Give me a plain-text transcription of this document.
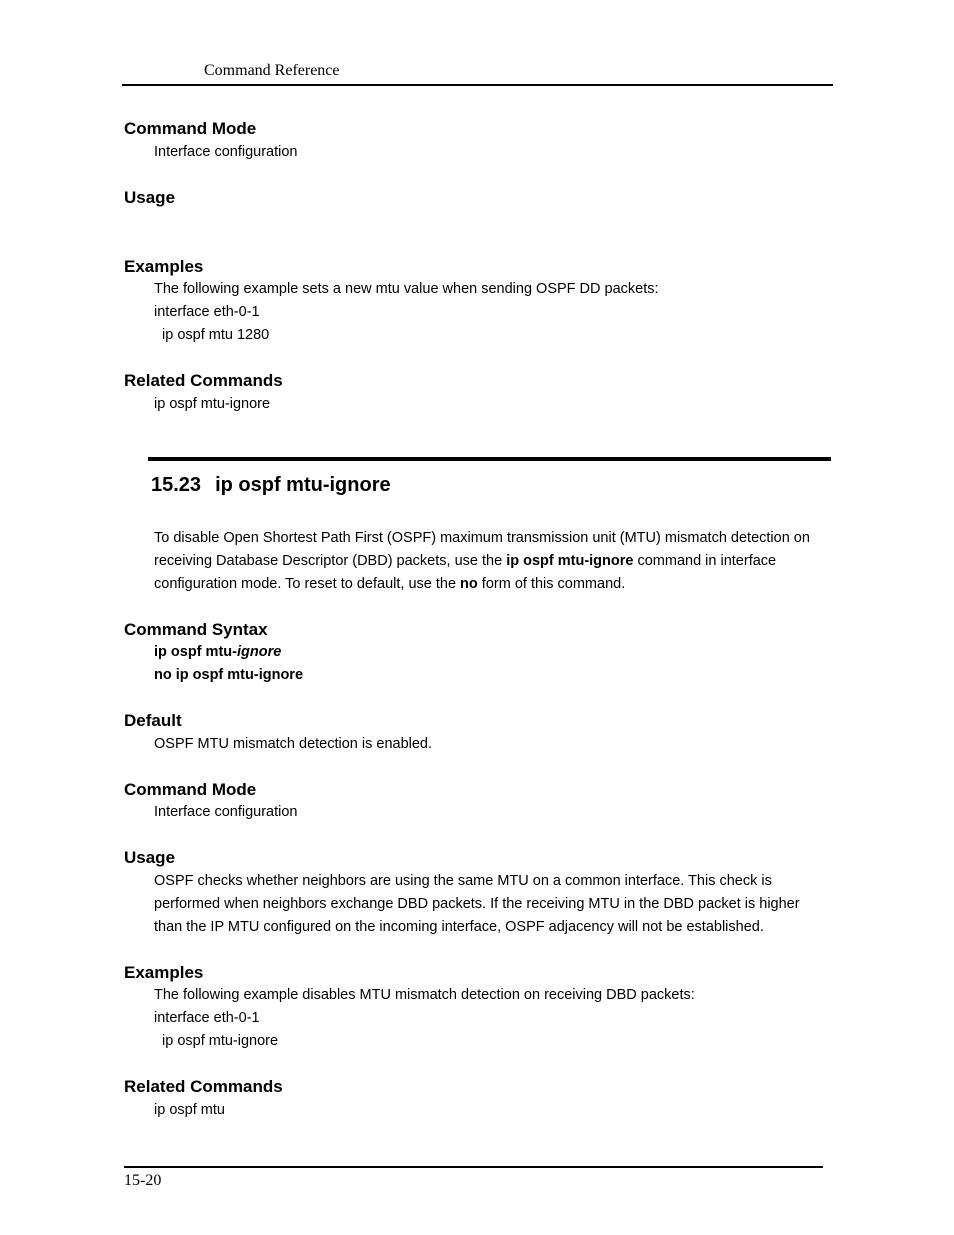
Command Reference
Command Mode
Interface configuration
Usage
Examples
The following example sets a new mtu value when sending OSPF DD packets:
interface eth-0-1
ip ospf mtu 1280
Related Commands
ip ospf mtu-ignore
15.23 ip ospf mtu-ignore

To disable Open Shortest Path First (OSPF) maximum transmission unit (MTU) mismatch detection on receiving Database Descriptor (DBD) packets, use the ip ospf mtu-ignore command in interface configuration mode. To reset to default, use the no form of this command.

Command Syntax
ip ospf mtu-ignore
no ip ospf mtu-ignore
Default
OSPF MTU mismatch detection is enabled.
Command Mode
Interface configuration
Usage
OSPF checks whether neighbors are using the same MTU on a common interface. This check is
performed when neighbors exchange DBD packets. If the receiving MTU in the DBD packet is higher
than the IP MTU configured on the incoming interface, OSPF adjacency will not be established.
Examples
The following example disables MTU mismatch detection on receiving DBD packets:
interface eth-0-1
ip ospf mtu-ignore
Related Commands
ip ospf mtu
15-20
